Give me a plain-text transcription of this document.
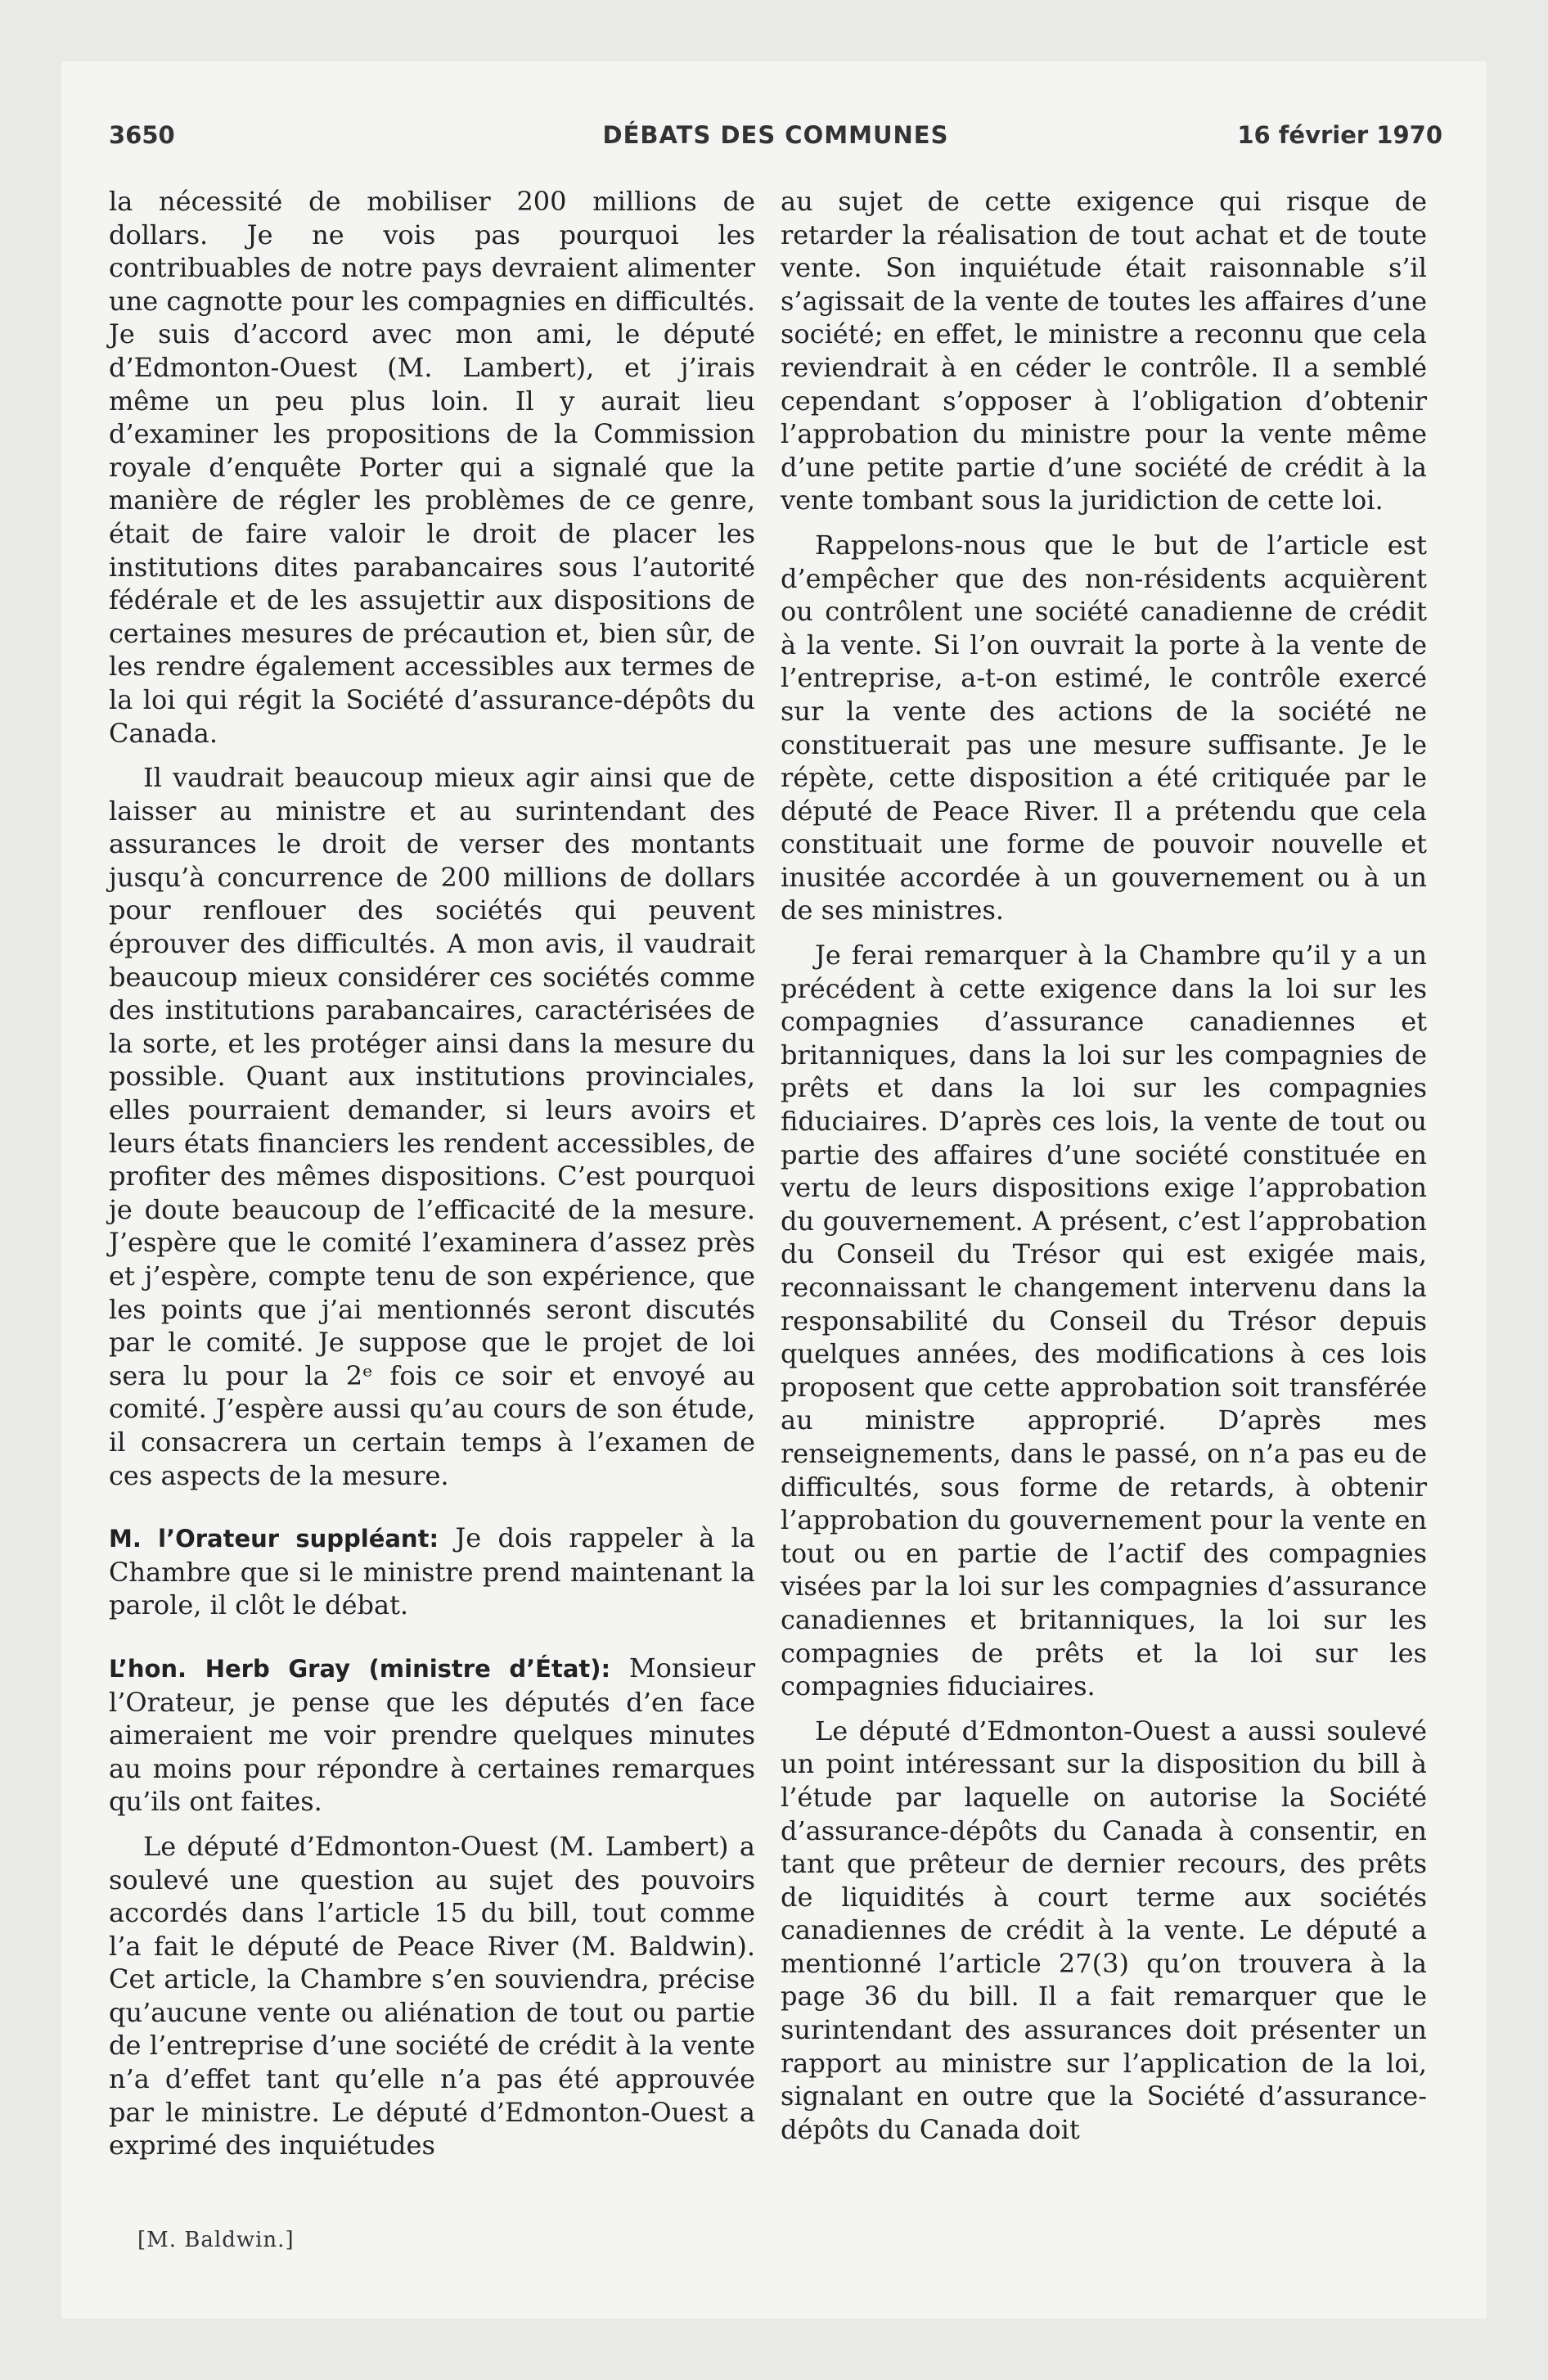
3650	DÉBATS DES COMMUNES	16 février 1970

la nécessité de mobiliser 200 millions de dollars. Je ne vois pas pourquoi les contribuables de notre pays devraient alimenter une cagnotte pour les compagnies en difficultés. Je suis d’accord avec mon ami, le député d’Edmonton-Ouest (M. Lambert), et j’irais même un peu plus loin. Il y aurait lieu d’examiner les propositions de la Commission royale d’enquête Porter qui a signalé que la manière de régler les problèmes de ce genre, était de faire valoir le droit de placer les institutions dites parabancaires sous l’autorité fédérale et de les assujettir aux dispositions de certaines mesures de précaution et, bien sûr, de les rendre également accessibles aux termes de la loi qui régit la Société d’assurance-dépôts du Canada.

Il vaudrait beaucoup mieux agir ainsi que de laisser au ministre et au surintendant des assurances le droit de verser des montants jusqu’à concurrence de 200 millions de dollars pour renflouer des sociétés qui peuvent éprouver des difficultés. A mon avis, il vaudrait beaucoup mieux considérer ces sociétés comme des institutions parabancaires, caractérisées de la sorte, et les protéger ainsi dans la mesure du possible. Quant aux institutions provinciales, elles pourraient demander, si leurs avoirs et leurs états financiers les rendent accessibles, de profiter des mêmes dispositions. C’est pourquoi je doute beaucoup de l’efficacité de la mesure. J’espère que le comité l’examinera d’assez près et j’espère, compte tenu de son expérience, que les points que j’ai mentionnés seront discutés par le comité. Je suppose que le projet de loi sera lu pour la 2ᵉ fois ce soir et envoyé au comité. J’espère aussi qu’au cours de son étude, il consacrera un certain temps à l’examen de ces aspects de la mesure.

M. l’Orateur suppléant: Je dois rappeler à la Chambre que si le ministre prend maintenant la parole, il clôt le débat.

L’hon. Herb Gray (ministre d’État): Monsieur l’Orateur, je pense que les députés d’en face aimeraient me voir prendre quelques minutes au moins pour répondre à certaines remarques qu’ils ont faites.

Le député d’Edmonton-Ouest (M. Lambert) a soulevé une question au sujet des pouvoirs accordés dans l’article 15 du bill, tout comme l’a fait le député de Peace River (M. Baldwin). Cet article, la Chambre s’en souviendra, précise qu’aucune vente ou aliénation de tout ou partie de l’entreprise d’une société de crédit à la vente n’a d’effet tant qu’elle n’a pas été approuvée par le ministre. Le député d’Edmonton-Ouest a exprimé des inquiétudes

au sujet de cette exigence qui risque de retarder la réalisation de tout achat et de toute vente. Son inquiétude était raisonnable s’il s’agissait de la vente de toutes les affaires d’une société; en effet, le ministre a reconnu que cela reviendrait à en céder le contrôle. Il a semblé cependant s’opposer à l’obligation d’obtenir l’approbation du ministre pour la vente même d’une petite partie d’une société de crédit à la vente tombant sous la juridiction de cette loi.

Rappelons-nous que le but de l’article est d’empêcher que des non-résidents acquièrent ou contrôlent une société canadienne de crédit à la vente. Si l’on ouvrait la porte à la vente de l’entreprise, a-t-on estimé, le contrôle exercé sur la vente des actions de la société ne constituerait pas une mesure suffisante. Je le répète, cette disposition a été critiquée par le député de Peace River. Il a prétendu que cela constituait une forme de pouvoir nouvelle et inusitée accordée à un gouvernement ou à un de ses ministres.

Je ferai remarquer à la Chambre qu’il y a un précédent à cette exigence dans la loi sur les compagnies d’assurance canadiennes et britanniques, dans la loi sur les compagnies de prêts et dans la loi sur les compagnies fiduciaires. D’après ces lois, la vente de tout ou partie des affaires d’une société constituée en vertu de leurs dispositions exige l’approbation du gouvernement. A présent, c’est l’approbation du Conseil du Trésor qui est exigée mais, reconnaissant le changement intervenu dans la responsabilité du Conseil du Trésor depuis quelques années, des modifications à ces lois proposent que cette approbation soit transférée au ministre approprié. D’après mes renseignements, dans le passé, on n’a pas eu de difficultés, sous forme de retards, à obtenir l’approbation du gouvernement pour la vente en tout ou en partie de l’actif des compagnies visées par la loi sur les compagnies d’assurance canadiennes et britanniques, la loi sur les compagnies de prêts et la loi sur les compagnies fiduciaires.

Le député d’Edmonton-Ouest a aussi soulevé un point intéressant sur la disposition du bill à l’étude par laquelle on autorise la Société d’assurance-dépôts du Canada à consentir, en tant que prêteur de dernier recours, des prêts de liquidités à court terme aux sociétés canadiennes de crédit à la vente. Le député a mentionné l’article 27(3) qu’on trouvera à la page 36 du bill. Il a fait remarquer que le surintendant des assurances doit présenter un rapport au ministre sur l’application de la loi, signalant en outre que la Société d’assurance-dépôts du Canada doit

[M. Baldwin.]
